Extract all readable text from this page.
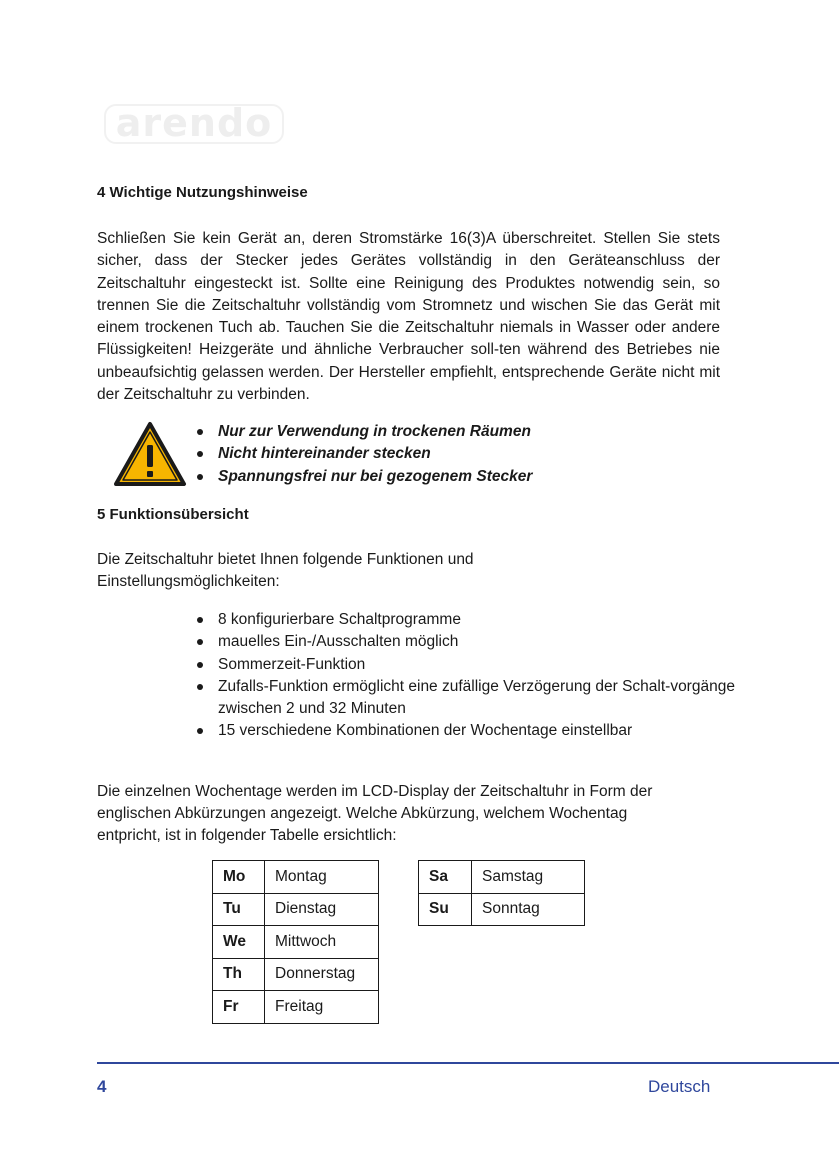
arendo
4 Wichtige Nutzungshinweise

Schließen Sie kein Gerät an, deren Stromstärke 16(3)A überschreitet. Stellen Sie stets sicher, dass der Stecker jedes Gerätes vollständig in den Geräteanschluss der Zeitschaltuhr eingesteckt ist. Sollte eine Reinigung des Produktes notwendig sein, so trennen Sie die Zeitschaltuhr vollständig vom Stromnetz und wischen Sie das Gerät mit einem trockenen Tuch ab. Tauchen Sie die Zeitschaltuhr niemals in Wasser oder andere Flüssigkeiten! Heizgeräte und ähnliche Verbraucher soll-ten während des Betriebes nie unbeaufsichtig gelassen werden. Der Hersteller empfiehlt, entsprechende Geräte nicht mit der Zeitschaltuhr zu verbinden.

Nur zur Verwendung in trockenen Räumen
Nicht hintereinander stecken
Spannungsfrei nur bei gezogenem Stecker
5 Funktionsübersicht

Die Zeitschaltuhr bietet Ihnen folgende Funktionen und

Einstellungsmöglichkeiten:

8 konfigurierbare Schaltprogramme
mauelles Ein-/Ausschalten möglich
Sommerzeit-Funktion
Zufalls-Funktion ermöglicht eine zufällige Verzögerung der Schalt-vorgänge zwischen 2 und 32 Minuten
15 verschiedene Kombinationen der Wochentage einstellbar

Die einzelnen Wochentage werden im LCD-Display der Zeitschaltuhr in Form der

englischen Abkürzungen angezeigt. Welche Abkürzung, welchem Wochentag

entpricht, ist in folgender Tabelle ersichtlich:

Mo	Montag
Tu	Dienstag
We	Mittwoch
Th	Donnerstag
Fr	Freitag
Sa	Samstag
Su	Sonntag
4	Deutsch
